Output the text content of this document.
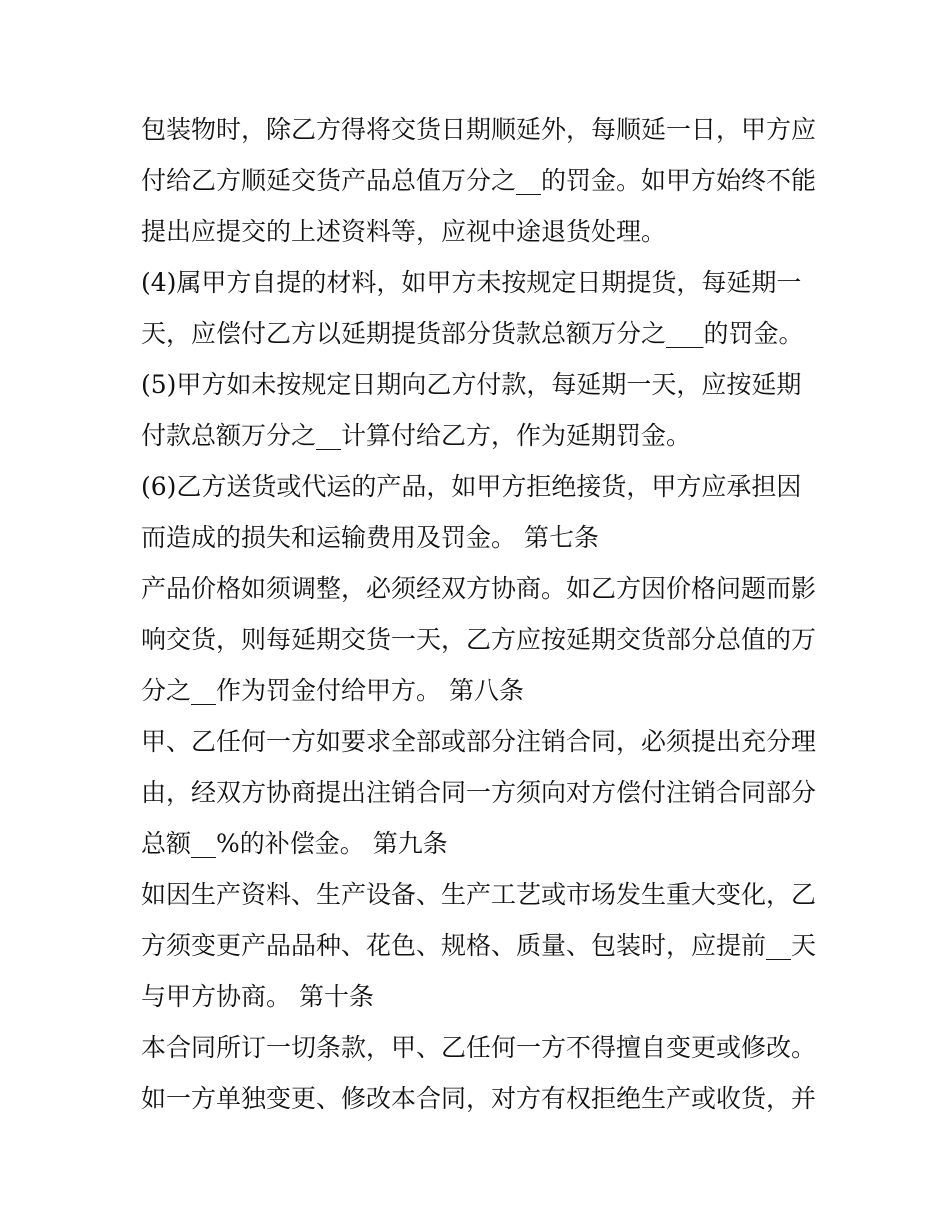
包装物时，除乙方得将交货日期顺延外，每顺延一日，甲方应
付给乙方顺延交货产品总值万分之__的罚金。如甲方始终不能
提出应提交的上述资料等，应视中途退货处理。
(4)属甲方自提的材料，如甲方未按规定日期提货，每延期一
天，应偿付乙方以延期提货部分货款总额万分之___的罚金。
(5)甲方如未按规定日期向乙方付款，每延期一天，应按延期
付款总额万分之__计算付给乙方，作为延期罚金。
(6)乙方送货或代运的产品，如甲方拒绝接货，甲方应承担因
而造成的损失和运输费用及罚金。 第七条
产品价格如须调整，必须经双方协商。如乙方因价格问题而影
响交货，则每延期交货一天，乙方应按延期交货部分总值的万
分之__作为罚金付给甲方。 第八条
甲、乙任何一方如要求全部或部分注销合同，必须提出充分理
由，经双方协商提出注销合同一方须向对方偿付注销合同部分
总额__%的补偿金。 第九条
如因生产资料、生产设备、生产工艺或市场发生重大变化，乙
方须变更产品品种、花色、规格、质量、包装时，应提前__天
与甲方协商。 第十条
本合同所订一切条款，甲、乙任何一方不得擅自变更或修改。
如一方单独变更、修改本合同，对方有权拒绝生产或收货，并
